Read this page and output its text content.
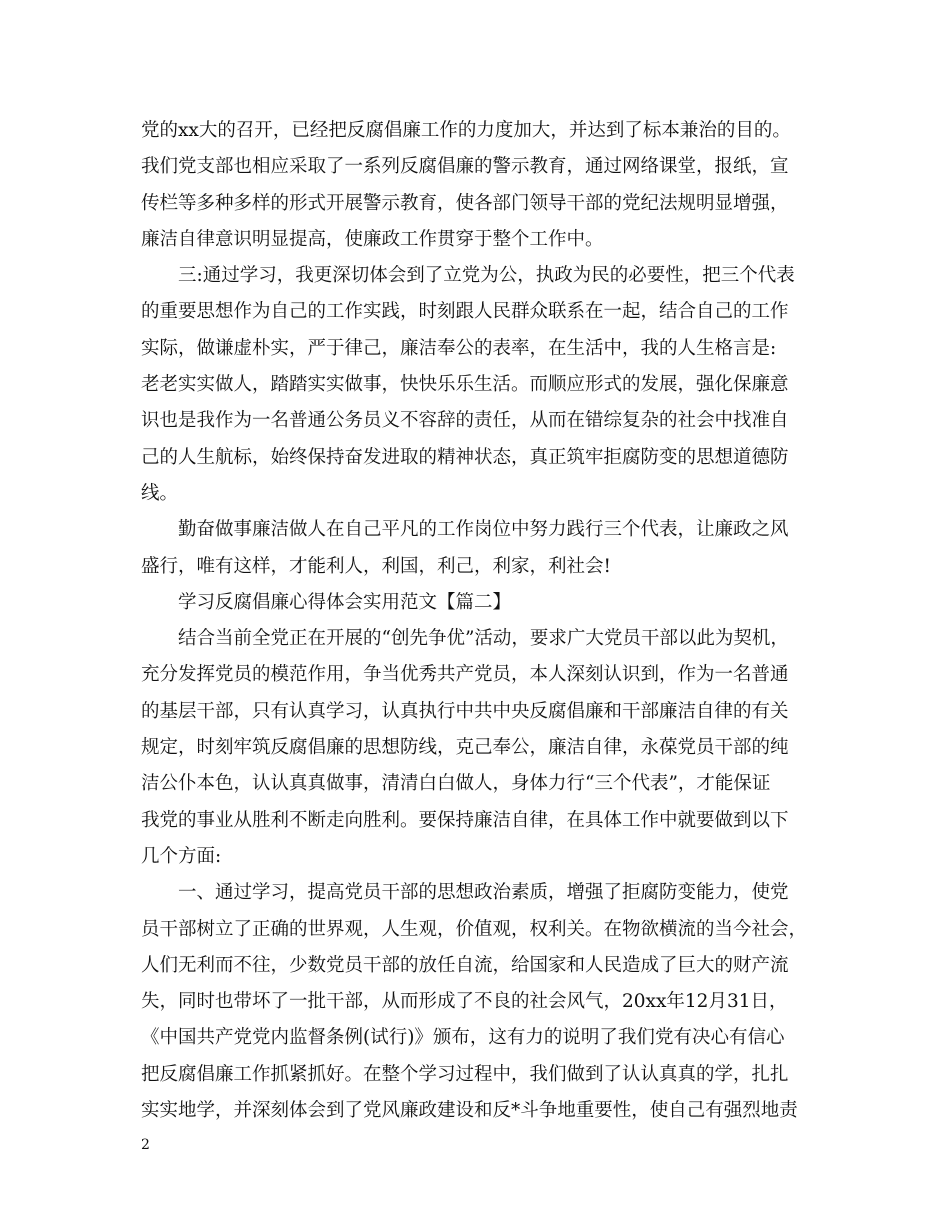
党的xx大的召开，已经把反腐倡廉工作的力度加大，并达到了标本兼治的目的。
我们党支部也相应采取了一系列反腐倡廉的警示教育，通过网络课堂，报纸，宣
传栏等多种多样的形式开展警示教育，使各部门领导干部的党纪法规明显增强，
廉洁自律意识明显提高，使廉政工作贯穿于整个工作中。
三:通过学习，我更深切体会到了立党为公，执政为民的必要性，把三个代表
的重要思想作为自己的工作实践，时刻跟人民群众联系在一起，结合自己的工作
实际，做谦虚朴实，严于律己，廉洁奉公的表率，在生活中，我的人生格言是:
老老实实做人，踏踏实实做事，快快乐乐生活。而顺应形式的发展，强化保廉意
识也是我作为一名普通公务员义不容辞的责任，从而在错综复杂的社会中找准自
己的人生航标，始终保持奋发进取的精神状态，真正筑牢拒腐防变的思想道德防
线。
勤奋做事廉洁做人在自己平凡的工作岗位中努力践行三个代表，让廉政之风
盛行，唯有这样，才能利人，利国，利己，利家，利社会!
学习反腐倡廉心得体会实用范文【篇二】
结合当前全党正在开展的“创先争优”活动，要求广大党员干部以此为契机，
充分发挥党员的模范作用，争当优秀共产党员，本人深刻认识到，作为一名普通
的基层干部，只有认真学习，认真执行中共中央反腐倡廉和干部廉洁自律的有关
规定，时刻牢筑反腐倡廉的思想防线，克己奉公，廉洁自律，永葆党员干部的纯
洁公仆本色，认认真真做事，清清白白做人，身体力行“三个代表”，才能保证
我党的事业从胜利不断走向胜利。要保持廉洁自律，在具体工作中就要做到以下
几个方面:
一、通过学习，提高党员干部的思想政治素质，增强了拒腐防变能力，使党
员干部树立了正确的世界观，人生观，价值观，权利关。在物欲横流的当今社会，
人们无利而不往，少数党员干部的放任自流，给国家和人民造成了巨大的财产流
失，同时也带坏了一批干部，从而形成了不良的社会风气，20xx年12月31日，
《中国共产党党内监督条例(试行)》颁布，这有力的说明了我们党有决心有信心
把反腐倡廉工作抓紧抓好。在整个学习过程中，我们做到了认认真真的学，扎扎
实实地学，并深刻体会到了党风廉政建设和反*斗争地重要性，使自己有强烈地责
2
